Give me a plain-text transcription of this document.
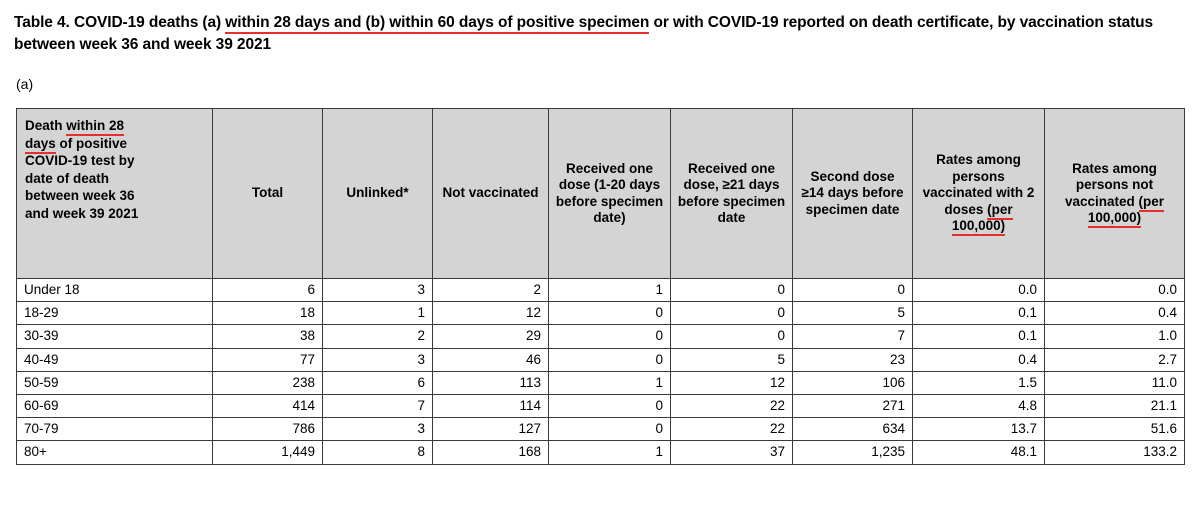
Table 4. COVID-19 deaths (a) within 28 days and (b) within 60 days of positive specimen or with COVID-19 reported on death certificate, by vaccination status between week 36 and week 39 2021
(a)
Death within 28
days of positive
COVID-19 test by
date of death
between week 36
and week 39 2021	Total	Unlinked*	Not vaccinated	Received one dose (1-20 days before specimen date)	Received one dose, ≥21 days before specimen date	Second dose ≥14 days before specimen date	Rates among persons vaccinated with 2 doses (per 100,000)	Rates among persons not vaccinated (per 100,000)
Under 18	6	3	2	1	0	0	0.0	0.0
18-29	18	1	12	0	0	5	0.1	0.4
30-39	38	2	29	0	0	7	0.1	1.0
40-49	77	3	46	0	5	23	0.4	2.7
50-59	238	6	113	1	12	106	1.5	11.0
60-69	414	7	114	0	22	271	4.8	21.1
70-79	786	3	127	0	22	634	13.7	51.6
80+	1,449	8	168	1	37	1,235	48.1	133.2
